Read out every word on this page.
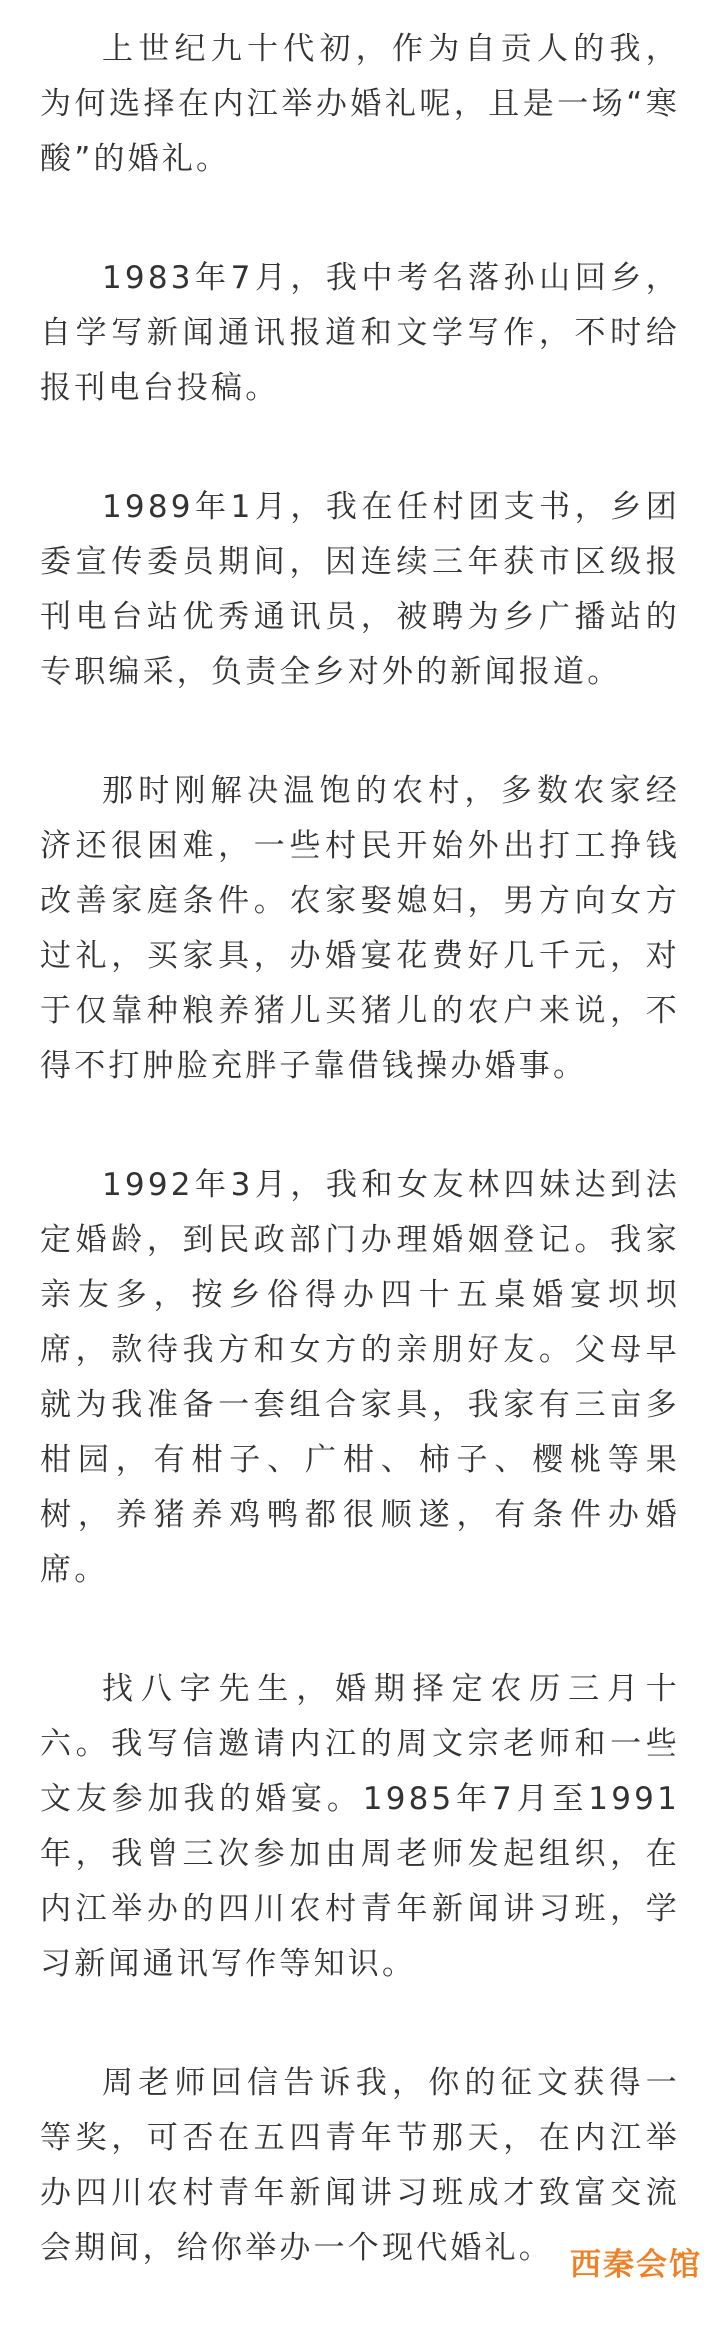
上世纪九十代初，作为自贡人的我，为何选择在内江举办婚礼呢，且是一场“寒酸”的婚礼。

1983年7月，我中考名落孙山回乡，自学写新闻通讯报道和文学写作，不时给报刊电台投稿。

1989年1月，我在任村团支书，乡团委宣传委员期间，因连续三年获市区级报刊电台站优秀通讯员，被聘为乡广播站的专职编采，负责全乡对外的新闻报道。

那时刚解决温饱的农村，多数农家经济还很困难，一些村民开始外出打工挣钱改善家庭条件。农家娶媳妇，男方向女方过礼，买家具，办婚宴花费好几千元，对于仅靠种粮养猪儿买猪儿的农户来说，不得不打肿脸充胖子靠借钱操办婚事。

1992年3月，我和女友林四妹达到法定婚龄，到民政部门办理婚姻登记。我家亲友多，按乡俗得办四十五桌婚宴坝坝席，款待我方和女方的亲朋好友。父母早就为我准备一套组合家具，我家有三亩多柑园，有柑子、广柑、柿子、樱桃等果树，养猪养鸡鸭都很顺遂，有条件办婚席。

找八字先生，婚期择定农历三月十六。我写信邀请内江的周文宗老师和一些文友参加我的婚宴。1985年7月至1991年，我曾三次参加由周老师发起组织，在内江举办的四川农村青年新闻讲习班，学习新闻通讯写作等知识。

周老师回信告诉我，你的征文获得一等奖，可否在五四青年节那天，在内江举办四川农村青年新闻讲习班成才致富交流会期间，给你举办一个现代婚礼。 西秦会馆
